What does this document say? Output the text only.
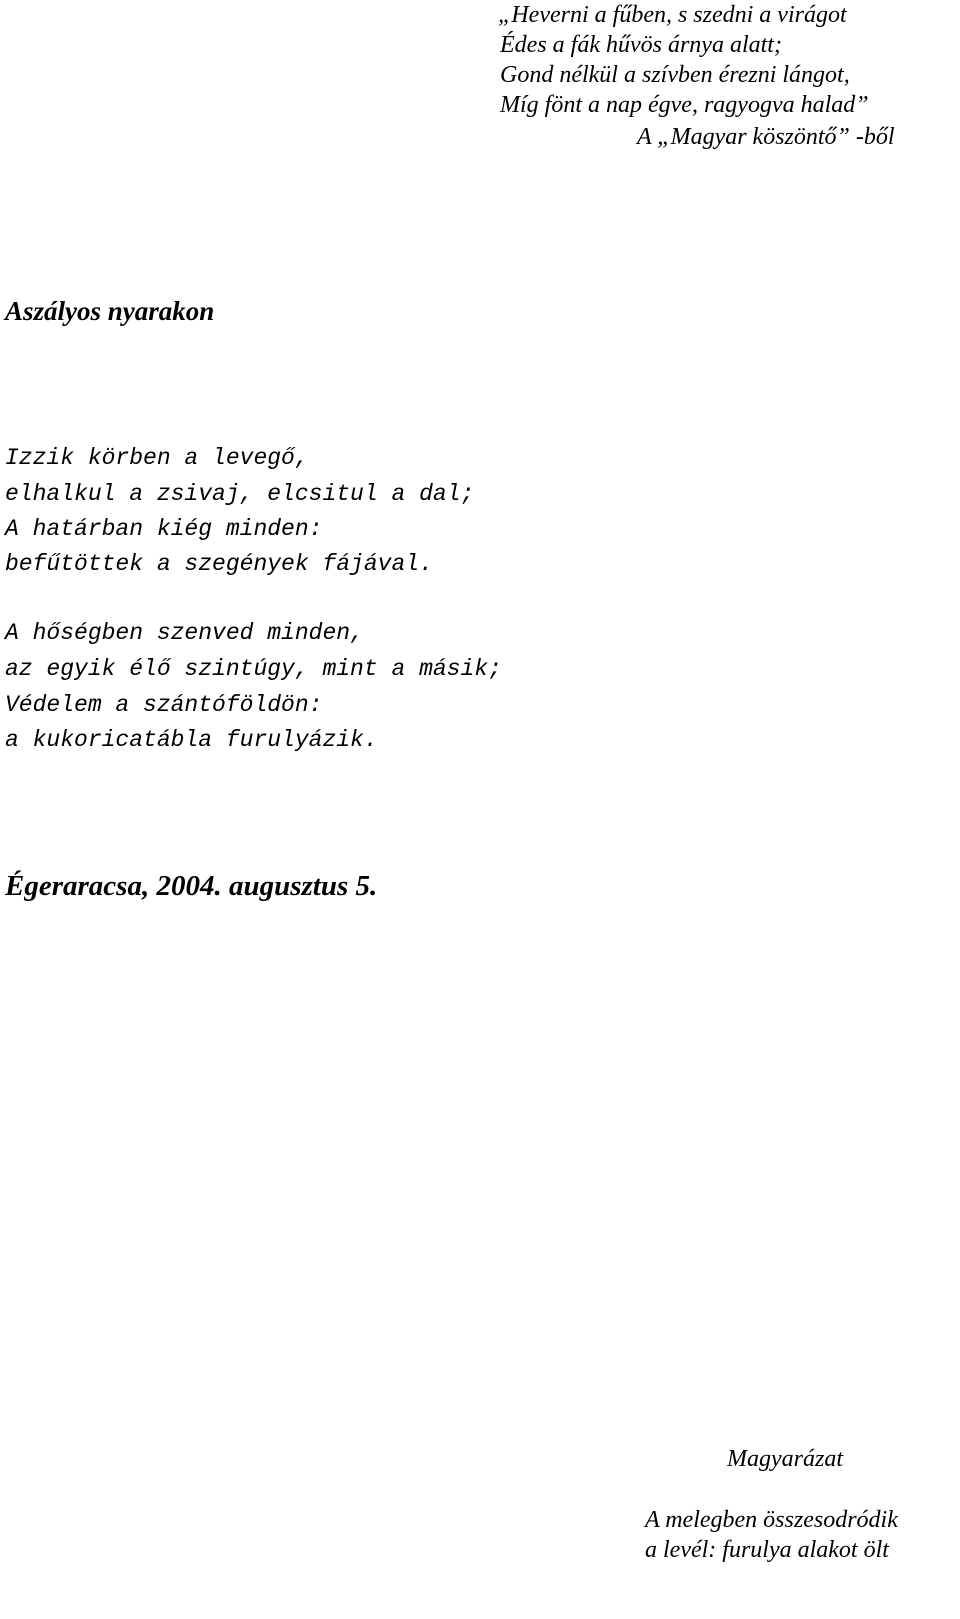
„Heverni a fűben, s szedni a virágot
Édes a fák hűvös árnya alatt;
Gond nélkül a szívben érezni lángot,
Míg fönt a nap égve, ragyogva halad”
A „Magyar köszöntő” -ből
Aszályos nyarakon
Izzik körben a levegő,
elhalkul a zsivaj, elcsitul a dal;
A határban kiég minden:
befűtöttek a szegények fájával.
A hőségben szenved minden,
az egyik élő szintúgy, mint a másik;
Védelem a szántóföldön:
a kukoricatábla furulyázik.
Égeraracsa, 2004. augusztus 5.
Magyarázat
A melegben összesodródik
a levél: furulya alakot ölt
